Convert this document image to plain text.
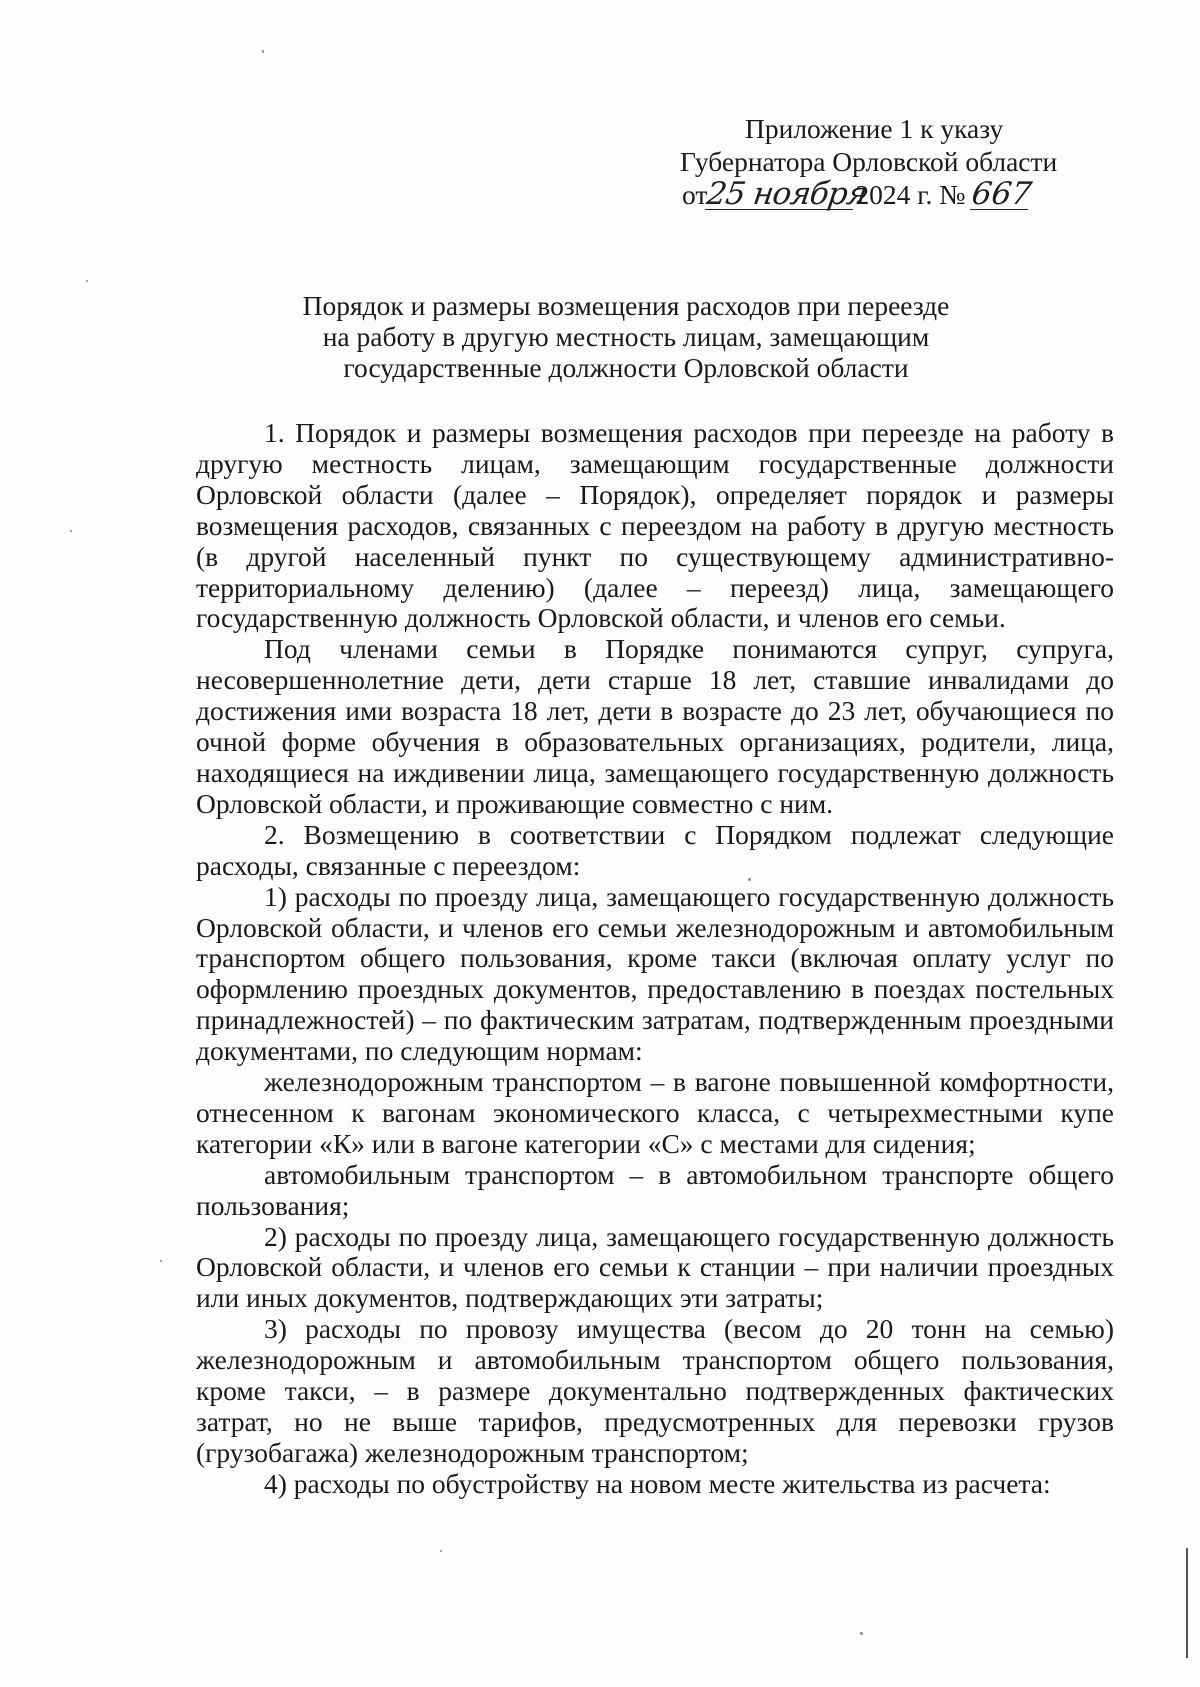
Приложение 1 к указу
Губернатора Орловской области
от25 ноября2024 г. № 667
Порядок и размеры возмещения расходов при переезде
на работу в другую местность лицам, замещающим
государственные должности Орловской области

1. Порядок и размеры возмещения расходов при переезде на работу в другую местность лицам, замещающим государственные должности Орловской области (далее – Порядок), определяет порядок и размеры возмещения расходов, связанных с переездом на работу в другую местность (в другой населенный пункт по существующему административно-территориальному делению) (далее – переезд) лица, замещающего государственную должность Орловской области, и членов его семьи.

Под членами семьи в Порядке понимаются супруг, супруга, несовершеннолетние дети, дети старше 18 лет, ставшие инвалидами до достижения ими возраста 18 лет, дети в возрасте до 23 лет, обучающиеся по очной форме обучения в образовательных организациях, родители, лица, находящиеся на иждивении лица, замещающего государственную должность Орловской области, и проживающие совместно с ним.

2. Возмещению в соответствии с Порядком подлежат следующие расходы, связанные с переездом:

1) расходы по проезду лица, замещающего государственную должность Орловской области, и членов его семьи железнодорожным и автомобильным транспортом общего пользования, кроме такси (включая оплату услуг по оформлению проездных документов, предоставлению в поездах постельных принадлежностей) – по фактическим затратам, подтвержденным проездными документами, по следующим нормам:

железнодорожным транспортом – в вагоне повышенной комфортности, отнесенном к вагонам экономического класса, с четырехместными купе категории «К» или в вагоне категории «С» с местами для сидения;

автомобильным транспортом – в автомобильном транспорте общего пользования;

2) расходы по проезду лица, замещающего государственную должность Орловской области, и членов его семьи к станции – при наличии проездных или иных документов, подтверждающих эти затраты;

3) расходы по провозу имущества (весом до 20 тонн на семью) железнодорожным и автомобильным транспортом общего пользования, кроме такси, – в размере документально подтвержденных фактических затрат, но не выше тарифов, предусмотренных для перевозки грузов (грузобагажа) железнодорожным транспортом;

4) расходы по обустройству на новом месте жительства из расчета:
